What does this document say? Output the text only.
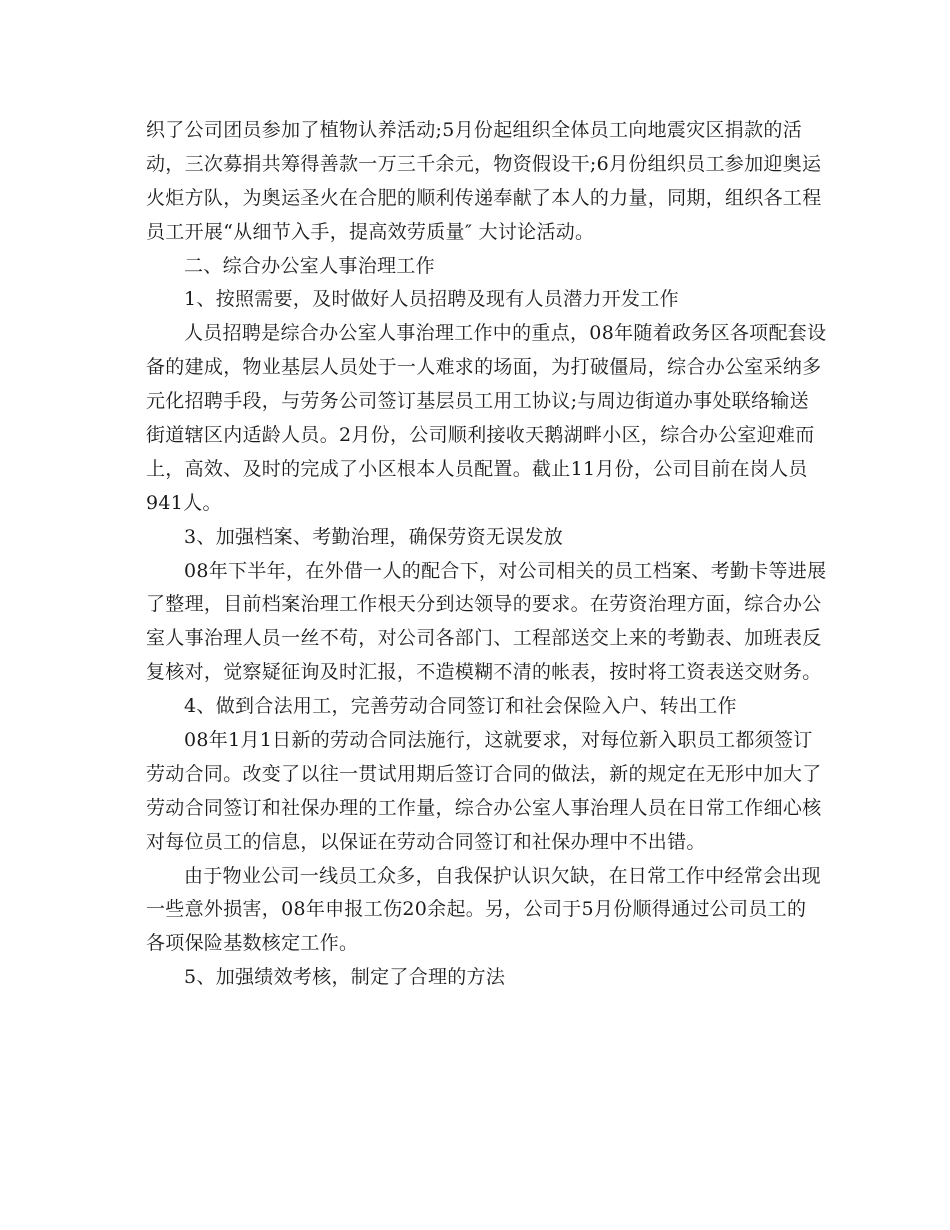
织了公司团员参加了植物认养活动;5月份起组织全体员工向地震灾区捐款的活
动，三次募捐共筹得善款一万三千余元，物资假设干;6月份组织员工参加迎奥运
火炬方队，为奥运圣火在合肥的顺利传递奉献了本人的力量，同期，组织各工程
员工开展“从细节入手，提高效劳质量″ 大讨论活动。
二、综合办公室人事治理工作
1、按照需要，及时做好人员招聘及现有人员潜力开发工作
人员招聘是综合办公室人事治理工作中的重点，08年随着政务区各项配套设
备的建成，物业基层人员处于一人难求的场面，为打破僵局，综合办公室采纳多
元化招聘手段，与劳务公司签订基层员工用工协议;与周边街道办事处联络输送
街道辖区内适龄人员。2月份，公司顺利接收天鹅湖畔小区，综合办公室迎难而
上，高效、及时的完成了小区根本人员配置。截止11月份，公司目前在岗人员
941人。
3、加强档案、考勤治理，确保劳资无误发放
08年下半年，在外借一人的配合下，对公司相关的员工档案、考勤卡等进展
了整理，目前档案治理工作根天分到达领导的要求。在劳资治理方面，综合办公
室人事治理人员一丝不苟，对公司各部门、工程部送交上来的考勤表、加班表反
复核对，觉察疑征询及时汇报，不造模糊不清的帐表，按时将工资表送交财务。
4、做到合法用工，完善劳动合同签订和社会保险入户、转出工作
08年1月1日新的劳动合同法施行，这就要求，对每位新入职员工都须签订
劳动合同。改变了以往一贯试用期后签订合同的做法，新的规定在无形中加大了
劳动合同签订和社保办理的工作量，综合办公室人事治理人员在日常工作细心核
对每位员工的信息，以保证在劳动合同签订和社保办理中不出错。
由于物业公司一线员工众多，自我保护认识欠缺，在日常工作中经常会出现
一些意外损害，08年申报工伤20余起。另，公司于5月份顺得通过公司员工的
各项保险基数核定工作。
5、加强绩效考核，制定了合理的方法
